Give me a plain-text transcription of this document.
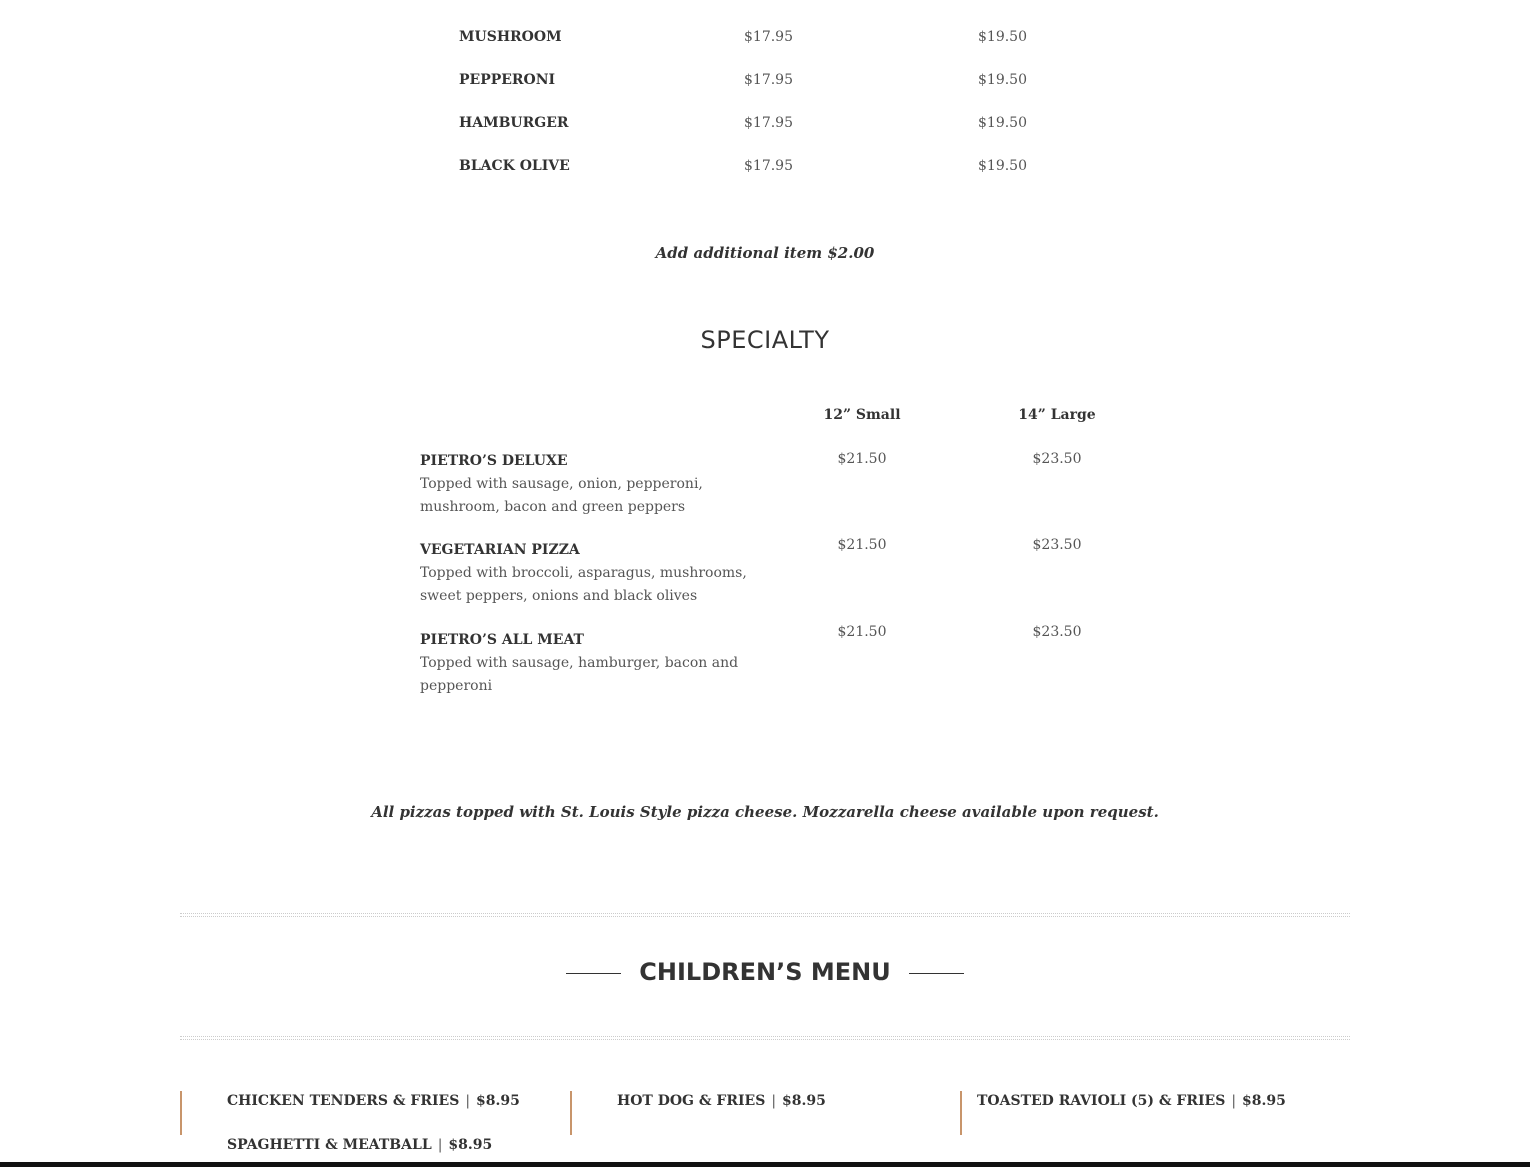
MUSHROOM	$17.95	$19.50
PEPPERONI	$17.95	$19.50
HAMBURGER	$17.95	$19.50
BLACK OLIVE	$17.95	$19.50
Add additional item $2.00
SPECIALTY
12” Small	14” Large
PIETRO’S DELUXE
Topped with sausage, onion, pepperoni, mushroom, bacon and green peppers
$21.50	$23.50
VEGETARIAN PIZZA
Topped with broccoli, asparagus, mushrooms, sweet peppers, onions and black olives
$21.50	$23.50
PIETRO’S ALL MEAT
Topped with sausage, hamburger, bacon and pepperoni
$21.50	$23.50
All pizzas topped with St. Louis Style pizza cheese. Mozzarella cheese available upon request.
CHILDREN’S MENU
CHICKEN TENDERS & FRIES | $8.95	HOT DOG & FRIES | $8.95	TOASTED RAVIOLI (5) & FRIES | $8.95
SPAGHETTI & MEATBALL | $8.95
